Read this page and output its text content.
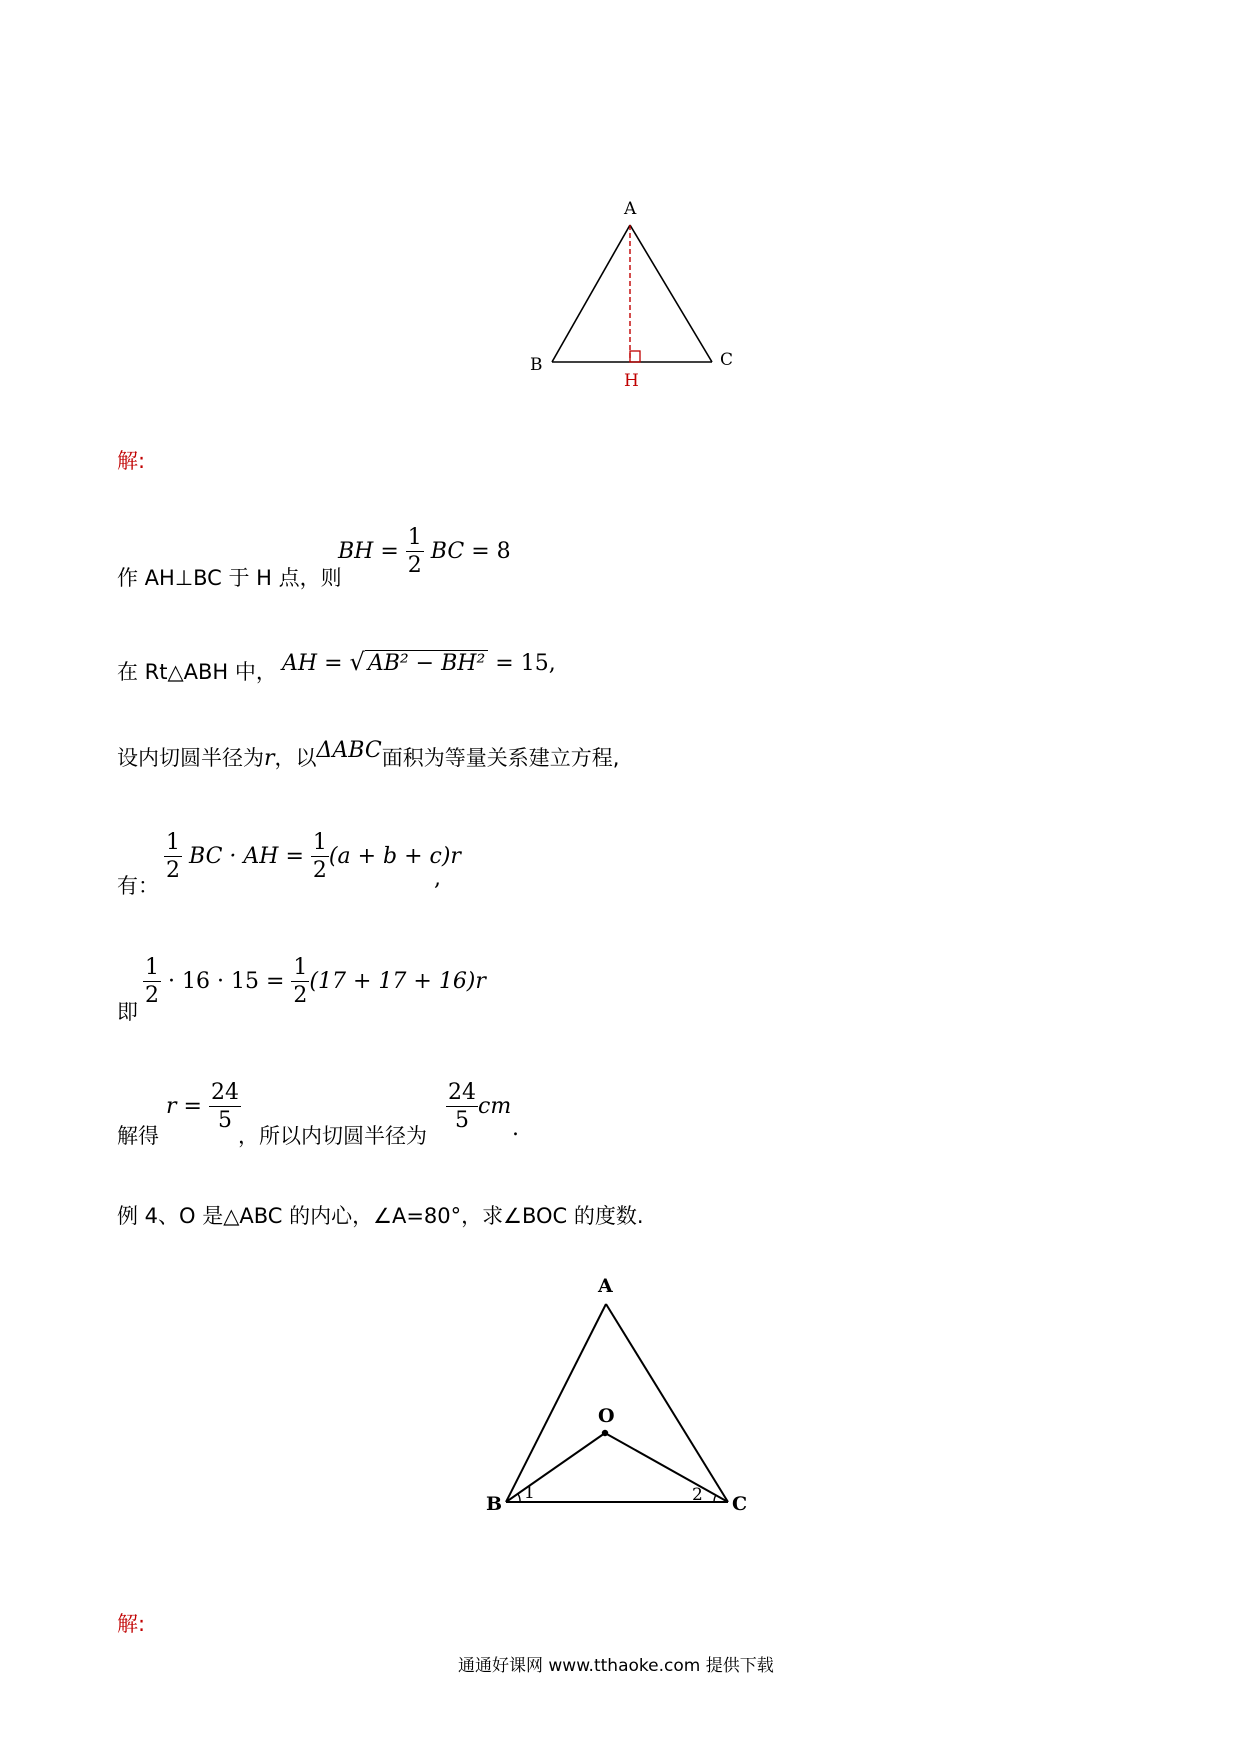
A
B	C
H
解:
作 AH⊥BC 于 H 点，则
BH = $\frac{1}{2}$ BC = 8
在 Rt△ABH 中， AH = √ AB² − BH² = 15,
设内切圆半径为r，以ΔABC面积为等量关系建立方程,
有：
$\frac{1}{2}$ BC · AH = $\frac{1}{2} (a + b + c)r$
,
即
$\frac{1}{2} \cdot 16 \cdot 15 = \frac{1}{2} (17 + 17 + 16)r$
解得
$r = \frac{24}{5}$
，所以内切圆半径为
$\frac{24}{5}$ cm
.
例 4、O 是△ABC 的内心，∠A=80°，求∠BOC 的度数.
A
O
B	C
1	2
解:
通通好课网 www.tthaoke.com 提供下载
